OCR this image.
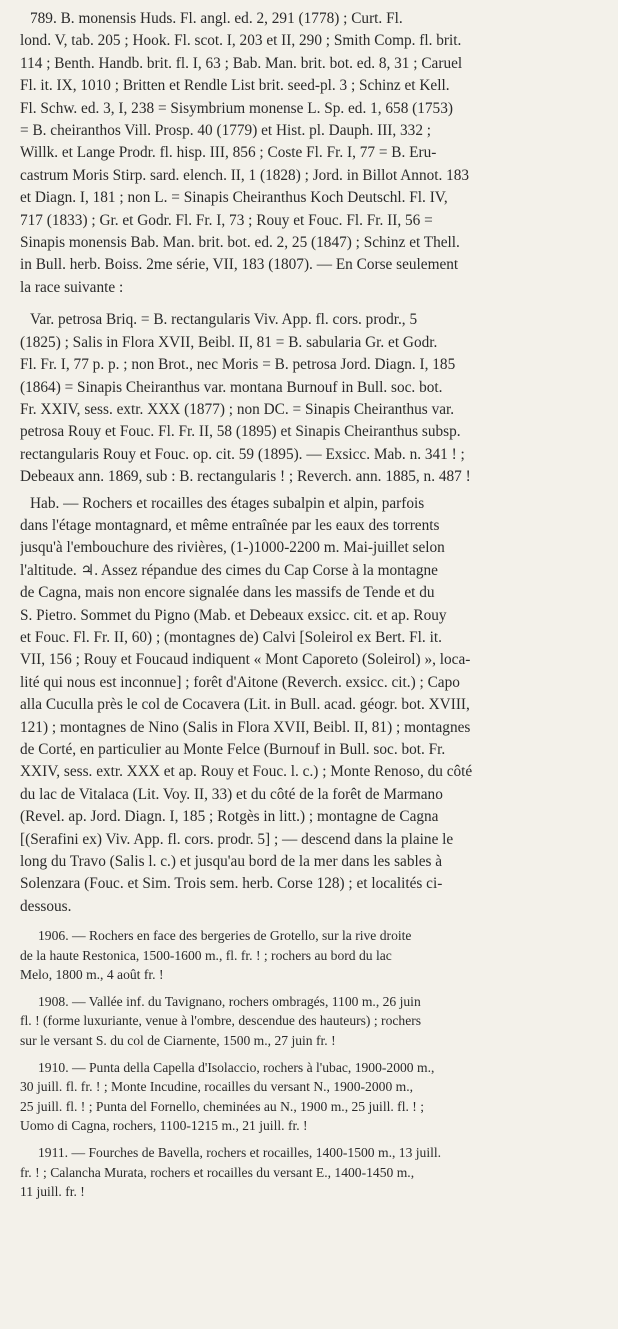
789. B. monensis Huds. Fl. angl. ed. 2, 291 (1778) ; Curt. Fl.
lond. V, tab. 205 ; Hook. Fl. scot. I, 203 et II, 290 ; Smith Comp. fl. brit.
114 ; Benth. Handb. brit. fl. I, 63 ; Bab. Man. brit. bot. ed. 8, 31 ; Caruel
Fl. it. IX, 1010 ; Britten et Rendle List brit. seed-pl. 3 ; Schinz et Kell.
Fl. Schw. ed. 3, I, 238 = Sisymbrium monense L. Sp. ed. 1, 658 (1753)
= B. cheiranthos Vill. Prosp. 40 (1779) et Hist. pl. Dauph. III, 332 ;
Willk. et Lange Prodr. fl. hisp. III, 856 ; Coste Fl. Fr. I, 77 = B. Eru-
castrum Moris Stirp. sard. elench. II, 1 (1828) ; Jord. in Billot Annot. 183
et Diagn. I, 181 ; non L. = Sinapis Cheiranthus Koch Deutschl. Fl. IV,
717 (1833) ; Gr. et Godr. Fl. Fr. I, 73 ; Rouy et Fouc. Fl. Fr. II, 56 =
Sinapis monensis Bab. Man. brit. bot. ed. 2, 25 (1847) ; Schinz et Thell.
in Bull. herb. Boiss. 2me série, VII, 183 (1807). — En Corse seulement
la race suivante :
Var. petrosa Briq. = B. rectangularis Viv. App. fl. cors. prodr., 5
(1825) ; Salis in Flora XVII, Beibl. II, 81 = B. sabularia Gr. et Godr.
Fl. Fr. I, 77 p. p. ; non Brot., nec Moris = B. petrosa Jord. Diagn. I, 185
(1864) = Sinapis Cheiranthus var. montana Burnouf in Bull. soc. bot.
Fr. XXIV, sess. extr. XXX (1877) ; non DC. = Sinapis Cheiranthus var.
petrosa Rouy et Fouc. Fl. Fr. II, 58 (1895) et Sinapis Cheiranthus subsp.
rectangularis Rouy et Fouc. op. cit. 59 (1895). — Exsicc. Mab. n. 341 ! ;
Debeaux ann. 1869, sub : B. rectangularis ! ; Reverch. ann. 1885, n. 487 !
Hab. — Rochers et rocailles des étages subalpin et alpin, parfois
dans l'étage montagnard, et même entraînée par les eaux des torrents
jusqu'à l'embouchure des rivières, (1-)1000-2200 m. Mai-juillet selon
l'altitude. ♃. Assez répandue des cimes du Cap Corse à la montagne
de Cagna, mais non encore signalée dans les massifs de Tende et du
S. Pietro. Sommet du Pigno (Mab. et Debeaux exsicc. cit. et ap. Rouy
et Fouc. Fl. Fr. II, 60) ; (montagnes de) Calvi [Soleirol ex Bert. Fl. it.
VII, 156 ; Rouy et Foucaud indiquent « Mont Caporeto (Soleirol) », loca-
lité qui nous est inconnue] ; forêt d'Aitone (Reverch. exsicc. cit.) ; Capo
alla Cuculla près le col de Cocavera (Lit. in Bull. acad. géogr. bot. XVIII,
121) ; montagnes de Nino (Salis in Flora XVII, Beibl. II, 81) ; montagnes
de Corté, en particulier au Monte Felce (Burnouf in Bull. soc. bot. Fr.
XXIV, sess. extr. XXX et ap. Rouy et Fouc. l. c.) ; Monte Renoso, du côté
du lac de Vitalaca (Lit. Voy. II, 33) et du côté de la forêt de Marmano
(Revel. ap. Jord. Diagn. I, 185 ; Rotgès in litt.) ; montagne de Cagna
[(Serafini ex) Viv. App. fl. cors. prodr. 5] ; — descend dans la plaine le
long du Travo (Salis l. c.) et jusqu'au bord de la mer dans les sables à
Solenzara (Fouc. et Sim. Trois sem. herb. Corse 128) ; et localités ci-
dessous.
1906. — Rochers en face des bergeries de Grotello, sur la rive droite
de la haute Restonica, 1500-1600 m., fl. fr. ! ; rochers au bord du lac
Melo, 1800 m., 4 août fr. !
1908. — Vallée inf. du Tavignano, rochers ombragés, 1100 m., 26 juin
fl. ! (forme luxuriante, venue à l'ombre, descendue des hauteurs) ; rochers
sur le versant S. du col de Ciarnente, 1500 m., 27 juin fr. !
1910. — Punta della Capella d'Isolaccio, rochers à l'ubac, 1900-2000 m.,
30 juill. fl. fr. ! ; Monte Incudine, rocailles du versant N., 1900-2000 m.,
25 juill. fl. ! ; Punta del Fornello, cheminées au N., 1900 m., 25 juill. fl. ! ;
Uomo di Cagna, rochers, 1100-1215 m., 21 juill. fr. !
1911. — Fourches de Bavella, rochers et rocailles, 1400-1500 m., 13 juill.
fr. ! ; Calancha Murata, rochers et rocailles du versant E., 1400-1450 m.,
11 juill. fr. !
